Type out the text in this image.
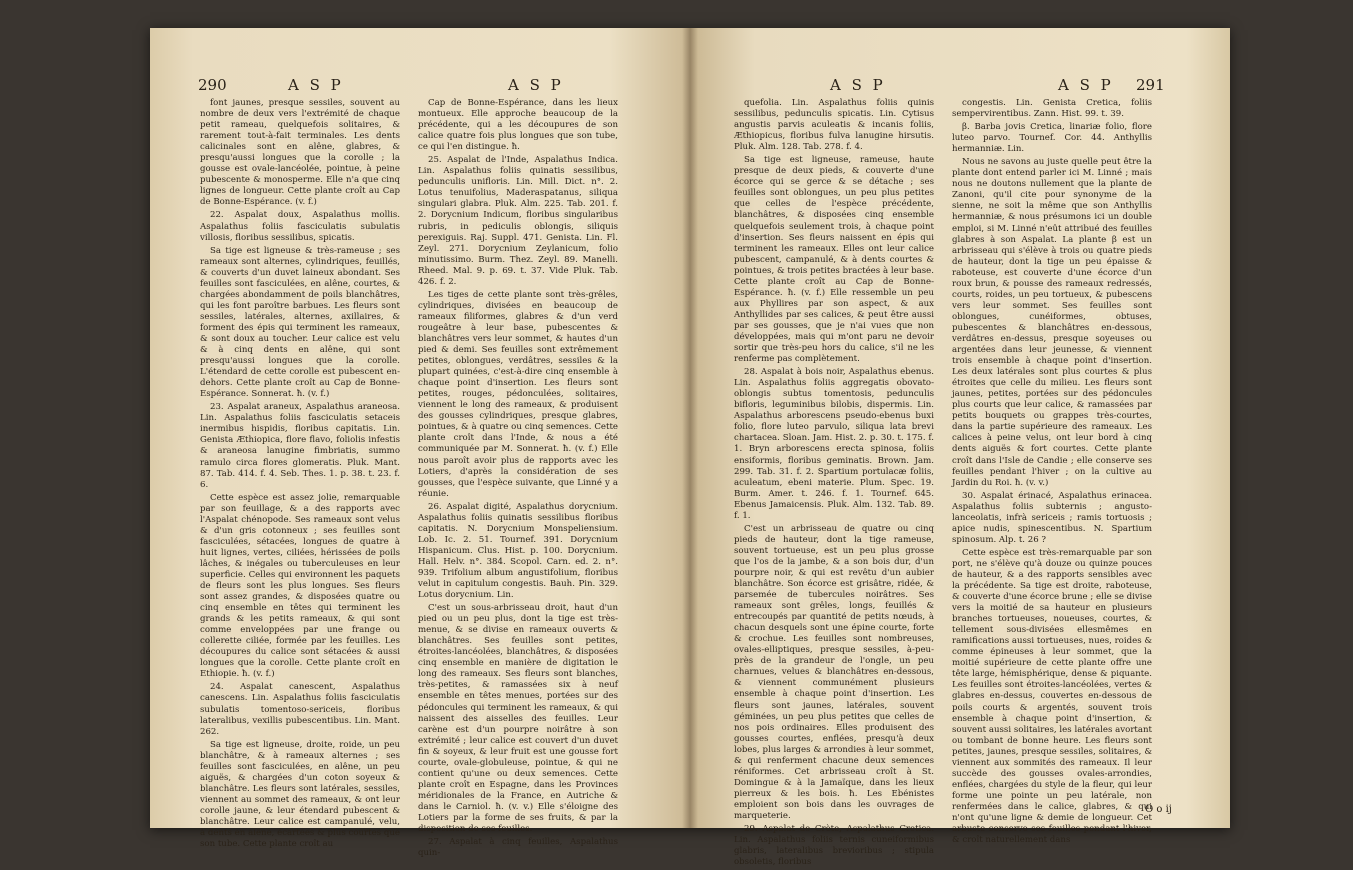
290	A S P	A S P

font jaunes, presque sessiles, souvent au nombre de deux vers l'extrémité de chaque petit rameau, quelquefois solitaires, & rarement tout-à-fait terminales. Les dents calicinales sont en alêne, glabres, & presqu'aussi longues que la corolle ; la gousse est ovale-lancéolée, pointue, à peine pubescente & monosperme. Elle n'a que cinq lignes de longueur. Cette plante croît au Cap de Bonne-Espérance. (v. f.)

22. Aspalat doux, Aspalathus mollis. Aspalathus foliis fasciculatis subulatis villosis, floribus sessilibus, spicatis.

Sa tige est ligneuse & très-rameuse ; ses rameaux sont alternes, cylindriques, feuillés, & couverts d'un duvet laineux abondant. Ses feuilles sont fasciculées, en alêne, courtes, & chargées abondamment de poils blanchâtres, qui les font paroître barbues. Les fleurs sont sessiles, latérales, alternes, axillaires, & forment des épis qui terminent les rameaux, & sont doux au toucher. Leur calice est velu & à cinq dents en alêne, qui sont presqu'aussi longues que la corolle. L'étendard de cette corolle est pubescent en-dehors. Cette plante croît au Cap de Bonne-Espérance. Sonnerat. ħ. (v. f.)

23. Aspalat araneux, Aspalathus araneosa. Lin. Aspalathus foliis fasciculatis setaceis inermibus hispidis, floribus capitatis. Lin. Genista Æthiopica, flore flavo, foliolis infestis & araneosa lanugine fimbriatis, summo ramulo circa flores glomeratis. Pluk. Mant. 87. Tab. 414. f. 4. Seb. Thes. 1. p. 38. t. 23. f. 6.

Cette espèce est assez jolie, remarquable par son feuillage, & a des rapports avec l'Aspalat chénopode. Ses rameaux sont velus & d'un gris cotonneux ; ses feuilles sont fasciculées, sétacées, longues de quatre à huit lignes, vertes, ciliées, hérissées de poils lâches, & inégales ou tuberculeuses en leur superficie. Celles qui environnent les paquets de fleurs sont les plus longues. Ses fleurs sont assez grandes, & disposées quatre ou cinq ensemble en têtes qui terminent les grands & les petits rameaux, & qui sont comme enveloppées par une frange ou collerette ciliée, formée par les feuilles. Les découpures du calice sont sétacées & aussi longues que la corolle. Cette plante croît en Ethiopie. ħ. (v. f.)

24. Aspalat canescent, Aspalathus canescens. Lin. Aspalathus foliis fasciculatis subulatis tomentoso-sericeis, floribus lateralibus, vexillis pubescentibus. Lin. Mant. 262.

Sa tige est ligneuse, droite, roide, un peu blanchâtre, & à rameaux alternes ; ses feuilles sont fasciculées, en alêne, un peu aiguës, & chargées d'un coton soyeux & blanchâtre. Les fleurs sont latérales, sessiles, viennent au sommet des rameaux, & ont leur corolle jaune, & leur étendard pubescent & blanchâtre. Leur calice est campanulé, velu, à dents en alêne, écartées & plus courtes que son tube. Cette plante croît au

Cap de Bonne-Espérance, dans les lieux montueux. Elle approche beaucoup de la précédente, qui a les découpures de son calice quatre fois plus longues que son tube, ce qui l'en distingue. ħ.

25. Aspalat de l'Inde, Aspalathus Indica. Lin. Aspalathus foliis quinatis sessilibus, pedunculis unifloris. Lin. Mill. Dict. n°. 2. Lotus tenuifolius, Maderaspatanus, siliqua singulari glabra. Pluk. Alm. 225. Tab. 201. f. 2. Dorycnium Indicum, floribus singularibus rubris, in pediculis oblongis, siliquis perexiguis. Raj. Suppl. 471. Genista. Lin. Fl. Zeyl. 271. Dorycnium Zeylanicum, folio minutissimo. Burm. Thez. Zeyl. 89. Manelli. Rheed. Mal. 9. p. 69. t. 37. Vide Pluk. Tab. 426. f. 2.

Les tiges de cette plante sont très-grêles, cylindriques, divisées en beaucoup de rameaux filiformes, glabres & d'un verd rougeâtre à leur base, pubescentes & blanchâtres vers leur sommet, & hautes d'un pied & demi. Ses feuilles sont extrêmement petites, oblongues, verdâtres, sessiles & la plupart quinées, c'est-à-dire cinq ensemble à chaque point d'insertion. Les fleurs sont petites, rouges, pédonculées, solitaires, viennent le long des rameaux, & produisent des gousses cylindriques, presque glabres, pointues, & à quatre ou cinq semences. Cette plante croît dans l'Inde, & nous a été communiquée par M. Sonnerat. ħ. (v. f.) Elle nous paroît avoir plus de rapports avec les Lotiers, d'après la considération de ses gousses, que l'espèce suivante, que Linné y a réunie.

26. Aspalat digité, Aspalathus dorycnium. Aspalathus foliis quinatis sessilibus floribus capitatis. N. Dorycnium Monspeliensium. Lob. Ic. 2. 51. Tournef. 391. Dorycnium Hispanicum. Clus. Hist. p. 100. Dorycnium. Hall. Helv. n°. 384. Scopol. Carn. ed. 2. n°. 939. Trifolium album angustifolium, floribus velut in capitulum congestis. Bauh. Pin. 329. Lotus dorycnium. Lin.

C'est un sous-arbrisseau droit, haut d'un pied ou un peu plus, dont la tige est très-menue, & se divise en rameaux ouverts & blanchâtres. Ses feuilles sont petites, étroites-lancéolées, blanchâtres, & disposées cinq ensemble en manière de digitation le long des rameaux. Ses fleurs sont blanches, très-petites, & ramassées six à neuf ensemble en têtes menues, portées sur des pédoncules qui terminent les rameaux, & qui naissent des aisselles des feuilles. Leur carène est d'un pourpre noirâtre à son extrémité ; leur calice est couvert d'un duvet fin & soyeux, & leur fruit est une gousse fort courte, ovale-globuleuse, pointue, & qui ne contient qu'une ou deux semences. Cette plante croît en Espagne, dans les Provinces méridionales de la France, en Autriche & dans le Carniol. ħ. (v. v.) Elle s'éloigne des Lotiers par la forme de ses fruits, & par la disposition de ses feuilles.

27. Aspalat à cinq feuilles, Aspalathus quin-

A S P	A S P 291

quefolia. Lin. Aspalathus foliis quinis sessilibus, pedunculis spicatis. Lin. Cytisus angustis parvis aculeatis & incanis foliis, Æthiopicus, floribus fulva lanugine hirsutis. Pluk. Alm. 128. Tab. 278. f. 4.

Sa tige est ligneuse, rameuse, haute presque de deux pieds, & couverte d'une écorce qui se gerce & se détache ; ses feuilles sont oblongues, un peu plus petites que celles de l'espèce précédente, blanchâtres, & disposées cinq ensemble quelquefois seulement trois, à chaque point d'insertion. Ses fleurs naissent en épis qui terminent les rameaux. Elles ont leur calice pubescent, campanulé, & à dents courtes & pointues, & trois petites bractées à leur base. Cette plante croît au Cap de Bonne-Espérance. ħ. (v. f.) Elle ressemble un peu aux Phyllires par son aspect, & aux Anthyllides par ses calices, & peut être aussi par ses gousses, que je n'ai vues que non développées, mais qui m'ont paru ne devoir sortir que très-peu hors du calice, s'il ne les renferme pas complètement.

28. Aspalat à bois noir, Aspalathus ebenus. Lin. Aspalathus foliis aggregatis obovato-oblongis subtus tomentosis, pedunculis bifloris, leguminibus bilobis, dispermis. Lin. Aspalathus arborescens pseudo-ebenus buxi folio, flore luteo parvulo, siliqua lata brevi chartacea. Sloan. Jam. Hist. 2. p. 30. t. 175. f. 1. Bryn arborescens erecta spinosa, foliis ensiformis, floribus geminatis. Brown. Jam. 299. Tab. 31. f. 2. Spartium portulacæ foliis, aculeatum, ebeni materie. Plum. Spec. 19. Burm. Amer. t. 246. f. 1. Tournef. 645. Ebenus Jamaicensis. Pluk. Alm. 132. Tab. 89. f. 1.

C'est un arbrisseau de quatre ou cinq pieds de hauteur, dont la tige rameuse, souvent tortueuse, est un peu plus grosse que l'os de la jambe, & a son bois dur, d'un pourpre noir, & qui est revêtu d'un aubier blanchâtre. Son écorce est grisâtre, ridée, & parsemée de tubercules noirâtres. Ses rameaux sont grêles, longs, feuillés & entrecoupés par quantité de petits nœuds, à chacun desquels sont une épine courte, forte & crochue. Les feuilles sont nombreuses, ovales-elliptiques, presque sessiles, à-peu-près de la grandeur de l'ongle, un peu charnues, velues & blanchâtres en-dessous, & viennent communément plusieurs ensemble à chaque point d'insertion. Les fleurs sont jaunes, latérales, souvent géminées, un peu plus petites que celles de nos pois ordinaires. Elles produisent des gousses courtes, enflées, presqu'à deux lobes, plus larges & arrondies à leur sommet, & qui renferment chacune deux semences réniformes. Cet arbrisseau croît à St. Domingue & à la Jamaïque, dans les lieux pierreux & les bois. ħ. Les Ebénistes emploient son bois dans les ouvrages de marqueterie.

29. Aspalat de Crète, Aspalathus Cretica. Lin. Aspalathus foliis ternis cuneiformibus glabris, lateralibus brevioribus ; stipula obsoletis, floribus

congestis. Lin. Genista Cretica, foliis sempervirentibus. Zann. Hist. 99. t. 39.

β. Barba jovis Cretica, linariæ folio, flore luteo parvo. Tournef. Cor. 44. Anthyllis hermanniæ. Lin.

Nous ne savons au juste quelle peut être la plante dont entend parler ici M. Linné ; mais nous ne doutons nullement que la plante de Zanoni, qu'il cite pour synonyme de la sienne, ne soit la même que son Anthyllis hermanniæ, & nous présumons ici un double emploi, si M. Linné n'eût attribué des feuilles glabres à son Aspalat. La plante β est un arbrisseau qui s'élève à trois ou quatre pieds de hauteur, dont la tige un peu épaisse & raboteuse, est couverte d'une écorce d'un roux brun, & pousse des rameaux redressés, courts, roides, un peu tortueux, & pubescens vers leur sommet. Ses feuilles sont oblongues, cunéiformes, obtuses, pubescentes & blanchâtres en-dessous, verdâtres en-dessus, presque soyeuses ou argentées dans leur jeunesse, & viennent trois ensemble à chaque point d'insertion. Les deux latérales sont plus courtes & plus étroites que celle du milieu. Les fleurs sont jaunes, petites, portées sur des pédoncules plus courts que leur calice, & ramassées par petits bouquets ou grappes très-courtes, dans la partie supérieure des rameaux. Les calices à peine velus, ont leur bord à cinq dents aiguës & fort courtes. Cette plante croît dans l'Isle de Candie ; elle conserve ses feuilles pendant l'hiver ; on la cultive au Jardin du Roi. ħ. (v. v.)

30. Aspalat érinacé, Aspalathus erinacea. Aspalathus foliis subternis ; angusto-lanceolatis, infrà sericeis ; ramis tortuosis ; apice nudis, spinescentibus. N. Spartium spinosum. Alp. t. 26 ?

Cette espèce est très-remarquable par son port, ne s'élève qu'à douze ou quinze pouces de hauteur, & a des rapports sensibles avec la précédente. Sa tige est droite, raboteuse, & couverte d'une écorce brune ; elle se divise vers la moitié de sa hauteur en plusieurs branches tortueuses, noueuses, courtes, & tellement sous-divisées ellesmêmes en ramifications aussi tortueuses, nues, roides & comme épineuses à leur sommet, que la moitié supérieure de cette plante offre une tête large, hémisphérique, dense & piquante. Les feuilles sont étroites-lancéolées, vertes & glabres en-dessus, couvertes en-dessous de poils courts & argentés, souvent trois ensemble à chaque point d'insertion, & souvent aussi solitaires, les latérales avortant ou tombant de bonne heure. Les fleurs sont petites, jaunes, presque sessiles, solitaires, & viennent aux sommités des rameaux. Il leur succède des gousses ovales-arrondies, enflées, chargées du style de la fleur, qui leur forme une pointe un peu latérale, non renfermées dans le calice, glabres, & qui n'ont qu'une ligne & demie de longueur. Cet arbuste conserve ses feuilles pendant l'hiver, & croît naturellement dans

O o ij
